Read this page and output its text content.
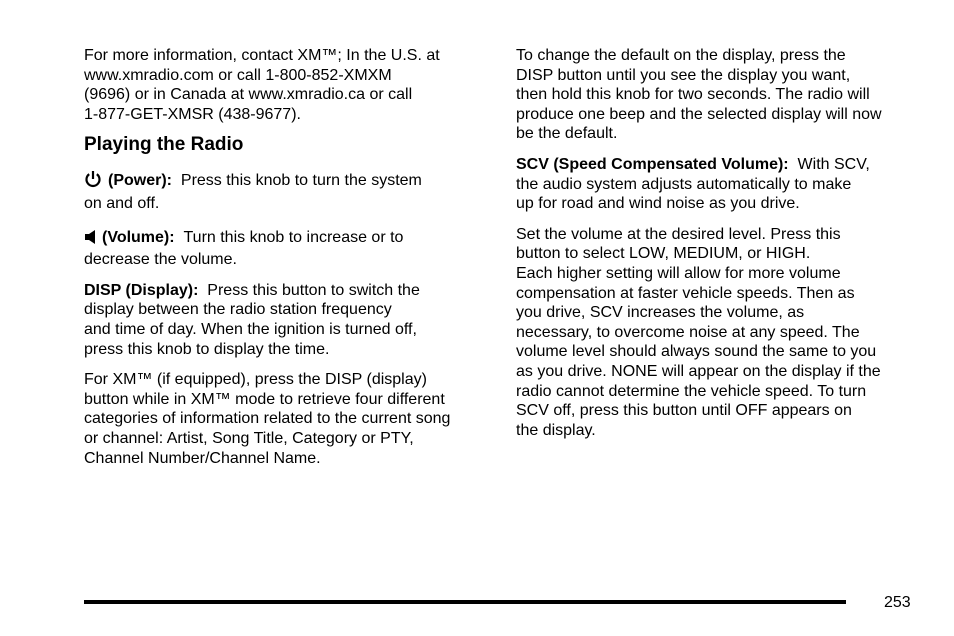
For more information, contact XM™; In the U.S. at
www.xmradio.com or call 1-800-852-XMXM
(9696) or in Canada at www.xmradio.ca or call
1-877-GET-XMSR (438-9677).

Playing the Radio

(Power): Press this knob to turn the system
on and off.

(Volume): Turn this knob to increase or to
decrease the volume.

DISP (Display): Press this button to switch the
display between the radio station frequency
and time of day. When the ignition is turned off,
press this knob to display the time.

For XM™ (if equipped), press the DISP (display)
button while in XM™ mode to retrieve four different
categories of information related to the current song
or channel: Artist, Song Title, Category or PTY,
Channel Number/Channel Name.

To change the default on the display, press the
DISP button until you see the display you want,
then hold this knob for two seconds. The radio will
produce one beep and the selected display will now
be the default.

SCV (Speed Compensated Volume): With SCV,
the audio system adjusts automatically to make
up for road and wind noise as you drive.

Set the volume at the desired level. Press this
button to select LOW, MEDIUM, or HIGH.

Each higher setting will allow for more volume
compensation at faster vehicle speeds. Then as
you drive, SCV increases the volume, as
necessary, to overcome noise at any speed. The
volume level should always sound the same to you
as you drive. NONE will appear on the display if the
radio cannot determine the vehicle speed. To turn
SCV off, press this button until OFF appears on
the display.

253
